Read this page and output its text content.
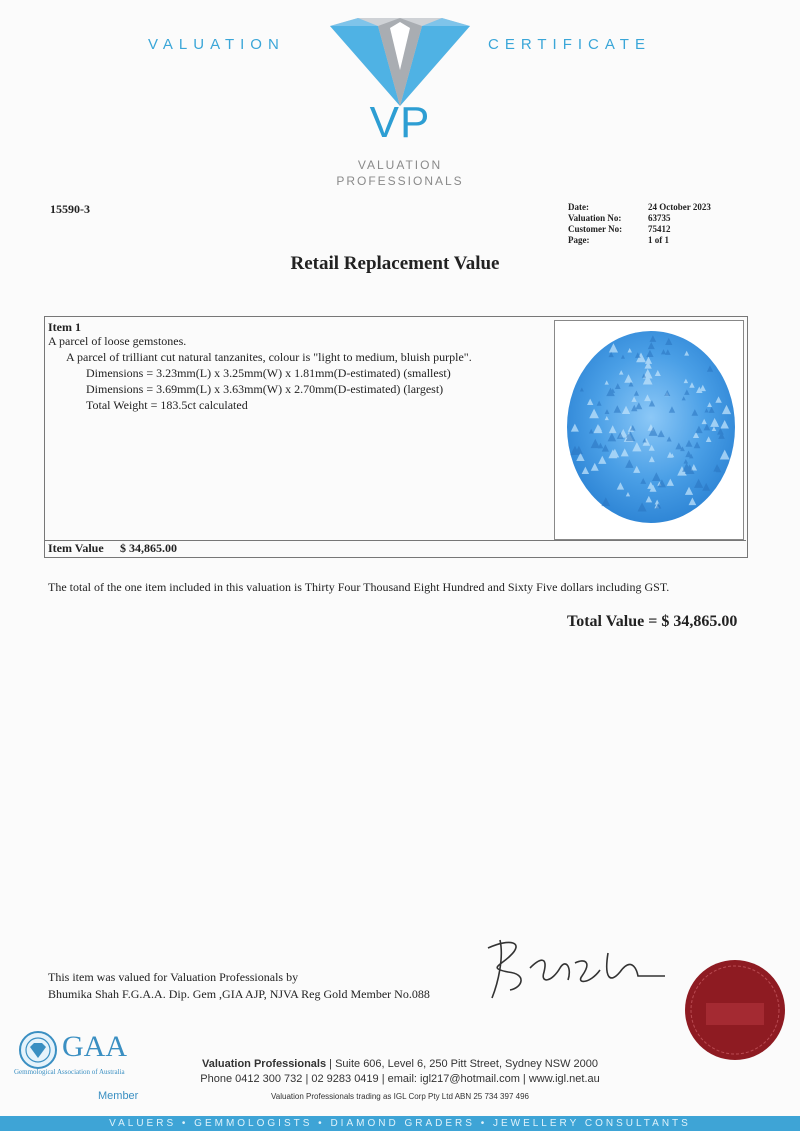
VALUATION	CERTIFICATE
VP
VALUATION
PROFESSIONALS
15590-3	Date:	24 October 2023
Valuation No:	63735
Customer No:	75412
Page:	1 of 1
Retail Replacement Value
Item 1
A parcel of loose gemstones.
A parcel of trilliant cut natural tanzanites, colour is "light to medium, bluish purple".
Dimensions = 3.23mm(L) x 3.25mm(W) x 1.81mm(D-estimated) (smallest)
Dimensions = 3.69mm(L) x 3.63mm(W) x 2.70mm(D-estimated) (largest)
Total Weight = 183.5ct calculated
Item Value $ 34,865.00
The total of the one item included in this valuation is Thirty Four Thousand Eight Hundred and Sixty Five dollars including GST.
Total Value = $ 34,865.00
This item was valued for Valuation Professionals by
Bhumika Shah F.G.A.A. Dip. Gem ,GIA AJP, NJVA Reg Gold Member No.088
GAA
Gemmological Association of Australia
Member
Valuation Professionals | Suite 606, Level 6, 250 Pitt Street, Sydney NSW 2000
Phone 0412 300 732 | 02 9283 0419 | email: igl217@hotmail.com | www.igl.net.au
Valuation Professionals trading as IGL Corp Pty Ltd ABN 25 734 397 496
VALUERS • GEMMOLOGISTS • DIAMOND GRADERS • JEWELLERY CONSULTANTS
